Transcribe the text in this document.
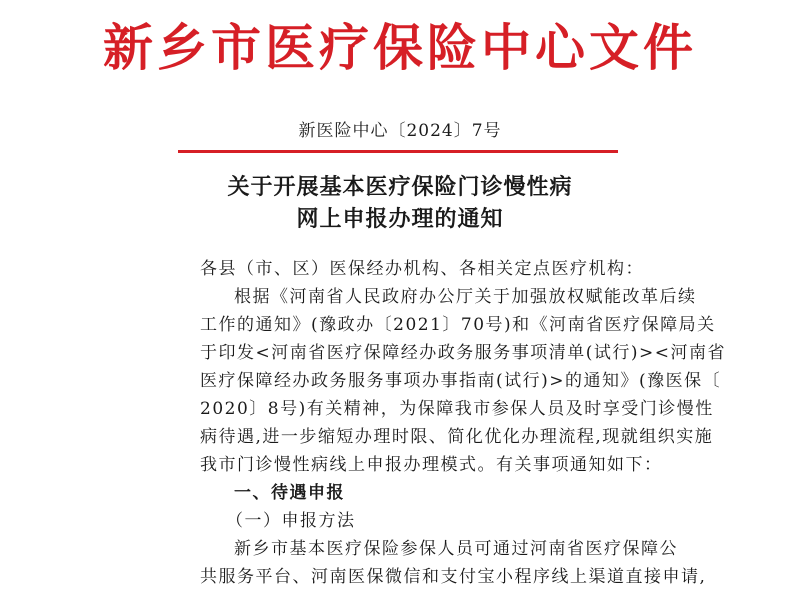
新乡市医疗保险中心文件
新医险中心〔2024〕7号
关于开展基本医疗保险门诊慢性病
网上申报办理的通知
各县（市、区）医保经办机构、各相关定点医疗机构：
根据《河南省人民政府办公厅关于加强放权赋能改革后续
工作的通知》(豫政办〔2021〕70号)和《河南省医疗保障局关
于印发<河南省医疗保障经办政务服务事项清单(试行)><河南省
医疗保障经办政务服务事项办事指南(试行)>的通知》(豫医保〔
2020〕8号)有关精神，为保障我市参保人员及时享受门诊慢性
病待遇,进一步缩短办理时限、简化优化办理流程,现就组织实施
我市门诊慢性病线上申报办理模式。有关事项通知如下：
一、待遇申报
（一）申报方法
新乡市基本医疗保险参保人员可通过河南省医疗保障公
共服务平台、河南医保微信和支付宝小程序线上渠道直接申请,
